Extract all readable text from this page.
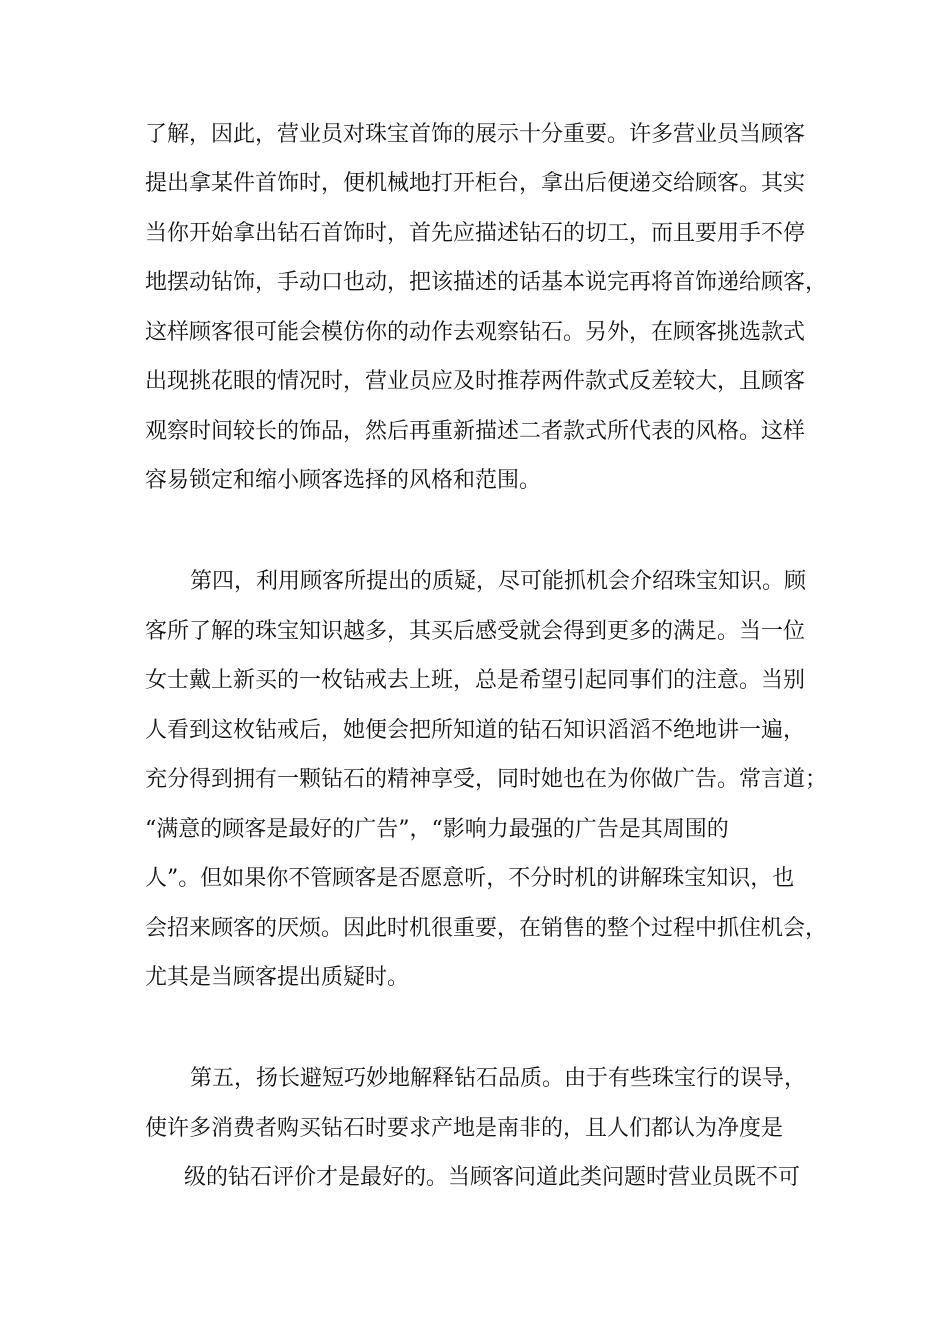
了解，因此，营业员对珠宝首饰的展示十分重要。许多营业员当顾客

提出拿某件首饰时，便机械地打开柜台，拿出后便递交给顾客。其实

当你开始拿出钻石首饰时，首先应描述钻石的切工，而且要用手不停

地摆动钻饰，手动口也动，把该描述的话基本说完再将首饰递给顾客，

这样顾客很可能会模仿你的动作去观察钻石。另外，在顾客挑选款式

出现挑花眼的情况时，营业员应及时推荐两件款式反差较大，且顾客

观察时间较长的饰品，然后再重新描述二者款式所代表的风格。这样

容易锁定和缩小顾客选择的风格和范围。

第四，利用顾客所提出的质疑，尽可能抓机会介绍珠宝知识。顾

客所了解的珠宝知识越多，其买后感受就会得到更多的满足。当一位

女士戴上新买的一枚钻戒去上班，总是希望引起同事们的注意。当别

人看到这枚钻戒后，她便会把所知道的钻石知识滔滔不绝地讲一遍，

充分得到拥有一颗钻石的精神享受，同时她也在为你做广告。常言道；

“满意的顾客是最好的广告”，“影响力最强的广告是其周围的

人”。但如果你不管顾客是否愿意听，不分时机的讲解珠宝知识，也

会招来顾客的厌烦。因此时机很重要，在销售的整个过程中抓住机会，

尤其是当顾客提出质疑时。

第五，扬长避短巧妙地解释钻石品质。由于有些珠宝行的误导，

使许多消费者购买钻石时要求产地是南非的，且人们都认为净度是

级的钻石评价才是最好的。当顾客问道此类问题时营业员既不可
